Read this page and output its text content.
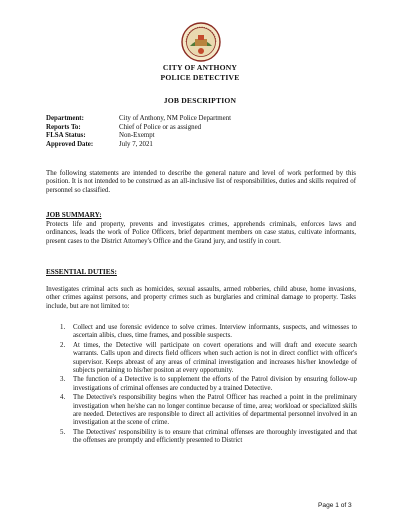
CITY OF ANTHONY
POLICE DETECTIVE
JOB DESCRIPTION
Department:	City of Anthony, NM Police Department
Reports To:	Chief of Police or as assigned
FLSA Status:	Non-Exempt
Approved Date:	July 7, 2021
The following statements are intended to describe the general nature and level of work performed by this position. It is not intended to be construed as an all-inclusive list of responsibilities, duties and skills required of personnel so classified.
JOB SUMMARY:
Protects life and property, prevents and investigates crimes, apprehends criminals, enforces laws and ordinances, leads the work of Police Officers, brief department members on case status, cultivate informants, present cases to the District Attorney's Office and the Grand jury, and testify in court.
ESSENTIAL DUTIES:
Investigates criminal acts such as homicides, sexual assaults, armed robberies, child abuse, home invasions, other crimes against persons, and property crimes such as burglaries and criminal damage to property. Tasks include, but are not limited to:
1.	Collect and use forensic evidence to solve crimes. Interview informants, suspects, and witnesses to ascertain alibis, clues, time frames, and possible suspects.
2.	At times, the Detective will participate on covert operations and will draft and execute search warrants. Calls upon and directs field officers when such action is not in direct conflict with officer's supervisor. Keeps abreast of any areas of criminal investigation and increases his/her knowledge of subjects pertaining to his/her positon at every opportunity.
3.	The function of a Detective is to supplement the efforts of the Patrol division by ensuring follow-up investigations of criminal offenses are conducted by a trained Detective.
4.	The Detective's responsibility begins when the Patrol Officer has reached a point in the preliminary investigation when he/she can no longer continue because of time, area; workload or specialized skills are needed. Detectives are responsible to direct all activities of departmental personnel involved in an investigation at the scene of crime.
5.	The Detectives' responsibility is to ensure that criminal offenses are thoroughly investigated and that the offenses are promptly and efficiently presented to District
Page 1 of 3
